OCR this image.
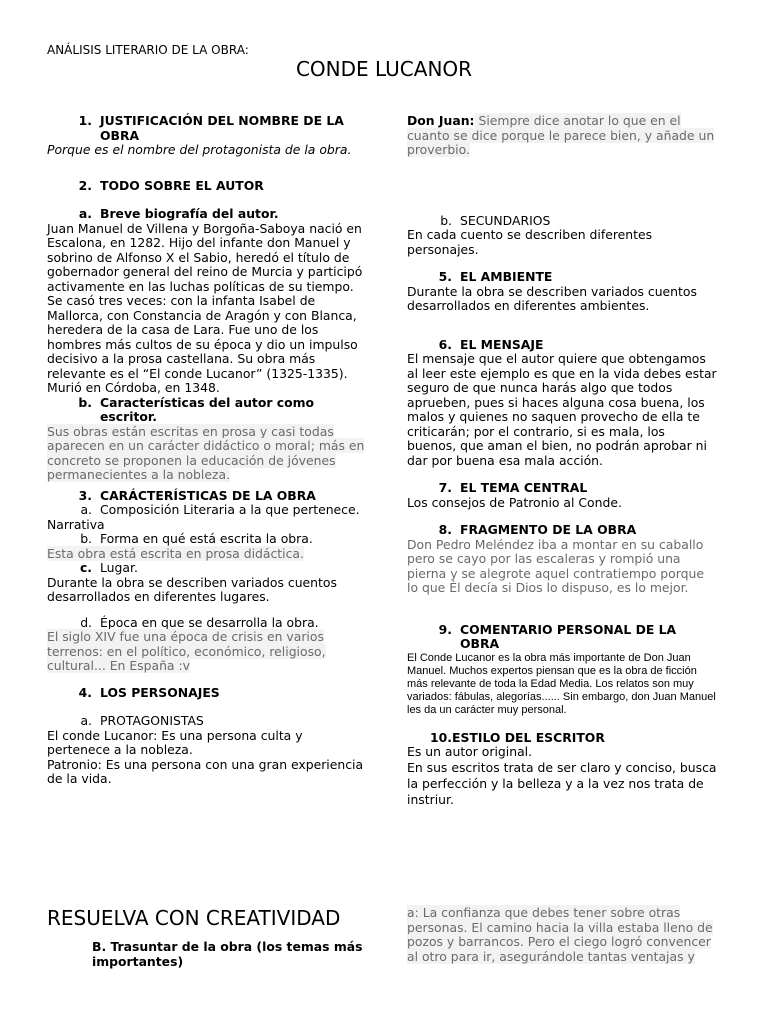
ANÁLISIS LITERARIO DE LA OBRA:
CONDE LUCANOR
1. JUSTIFICACIÓN DEL NOMBRE DE LA OBRA

Porque es el nombre del protagonista de la obra.

2. TODO SOBRE EL AUTOR
a. Breve biografía del autor.

Juan Manuel de Villena y Borgoña-Saboya nació en Escalona, en 1282. Hijo del infante don Manuel y sobrino de Alfonso X el Sabio, heredó el título de gobernador general del reino de Murcia y participó activamente en las luchas políticas de su tiempo. Se casó tres veces: con la infanta Isabel de Mallorca, con Constancia de Aragón y con Blanca, heredera de la casa de Lara. Fue uno de los hombres más cultos de su época y dio un impulso decisivo a la prosa castellana. Su obra más relevante es el “El conde Lucanor” (1325-1335). Murió en Córdoba, en 1348.

b. Características del autor como escritor.

Sus obras están escritas en prosa y casi todas aparecen en un carácter didáctico o moral; más en concreto se proponen la educación de jóvenes permanecientes a la nobleza.

3. CARÁCTERÍSTICAS DE LA OBRA
a. Composición Literaria a la que pertenece.

Narrativa

b. Forma en qué está escrita la obra.

Esta obra está escrita en prosa didáctica.

c. Lugar.

Durante la obra se describen variados cuentos desarrollados en diferentes lugares.

d. Época en que se desarrolla la obra.

El siglo XIV fue una época de crisis en varios terrenos: en el político, económico, religioso, cultural... En España :v

4. LOS PERSONAJES
a. PROTAGONISTAS

El conde Lucanor: Es una persona culta y pertenece a la nobleza.

Patronio: Es una persona con una gran experiencia de la vida.

Don Juan: Siempre dice anotar lo que en el cuanto se dice porque le parece bien, y añade un proverbio.

b. SECUNDARIOS

En cada cuento se describen diferentes personajes.

5. EL AMBIENTE

Durante la obra se describen variados cuentos desarrollados en diferentes ambientes.

6. EL MENSAJE

El mensaje que el autor quiere que obtengamos al leer este ejemplo es que en la vida debes estar seguro de que nunca harás algo que todos aprueben, pues si haces alguna cosa buena, los malos y quienes no saquen provecho de ella te criticarán; por el contrario, si es mala, los buenos, que aman el bien, no podrán aprobar ni dar por buena esa mala acción.

7. EL TEMA CENTRAL

Los consejos de Patronio al Conde.

8. FRAGMENTO DE LA OBRA

Don Pedro Meléndez iba a montar en su caballo pero se cayo por las escaleras y rompió una pierna y se alegrote aquel contratiempo porque lo que Él decía si Dios lo dispuso, es lo mejor.

9. COMENTARIO PERSONAL DE LA OBRA

El Conde Lucanor es la obra más importante de Don Juan Manuel. Muchos expertos piensan que es la obra de ficción más relevante de toda la Edad Media. Los relatos son muy variados: fábulas, alegorías...... Sin embargo, don Juan Manuel les da un carácter muy personal.

10. ESTILO DEL ESCRITOR

Es un autor original.

En sus escritos trata de ser claro y conciso, busca la perfección y la belleza y a la vez nos trata de instriur.

RESUELVA CON CREATIVIDAD

B. Trasuntar de la obra (los temas más importantes)

a: La confianza que debes tener sobre otras personas. El camino hacia la villa estaba lleno de pozos y barrancos. Pero el ciego logró convencer al otro para ir, asegurándole tantas ventajas y
